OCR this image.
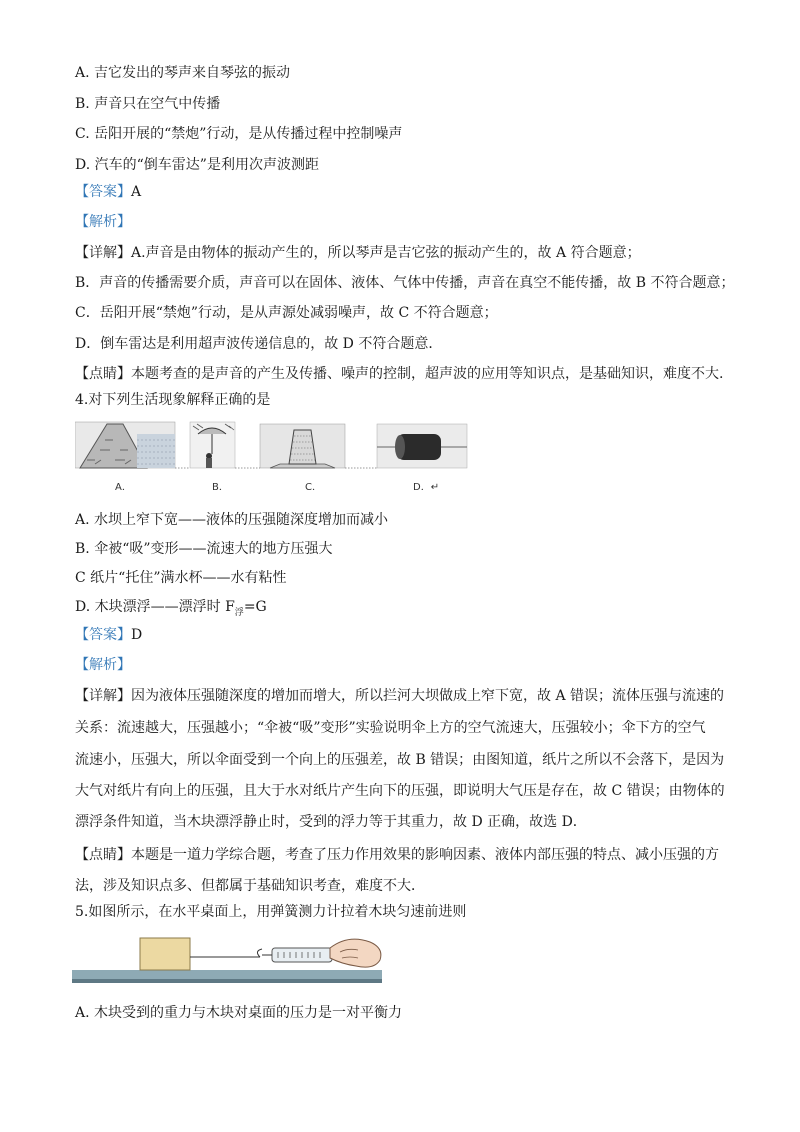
A. 吉它发出的琴声来自琴弦的振动
B. 声音只在空气中传播
C. 岳阳开展的“禁炮”行动，是从传播过程中控制噪声
D. 汽车的“倒车雷达”是利用次声波测距
【答案】A
【解析】
【详解】A.声音是由物体的振动产生的，所以琴声是吉它弦的振动产生的，故 A 符合题意；
B．声音的传播需要介质，声音可以在固体、液体、气体中传播，声音在真空不能传播，故 B 不符合题意；
C．岳阳开展“禁炮”行动，是从声源处减弱噪声，故 C 不符合题意；
D．倒车雷达是利用超声波传递信息的，故 D 不符合题意．
【点睛】本题考查的是声音的产生及传播、噪声的控制，超声波的应用等知识点，是基础知识，难度不大.
4.对下列生活现象解释正确的是
A．	B．	C．	D．↵
A. 水坝上窄下宽——液体的压强随深度增加而减小
B. 伞被“吸”变形——流速大的地方压强大
C 纸片“托住”满水杯——水有粘性
D. 木块漂浮——漂浮时 $F_浮=G$
【答案】D
【解析】
【详解】因为液体压强随深度的增加而增大，所以拦河大坝做成上窄下宽，故 A 错误；流体压强与流速的
关系：流速越大，压强越小；“伞被“吸”变形”实验说明伞上方的空气流速大，压强较小；伞下方的空气
流速小，压强大，所以伞面受到一个向上的压强差，故 B 错误；由图知道，纸片之所以不会落下，是因为
大气对纸片有向上的压强，且大于水对纸片产生向下的压强，即说明大气压是存在，故 C 错误；由物体的
漂浮条件知道，当木块漂浮静止时，受到的浮力等于其重力，故 D 正确，故选 D．
【点睛】本题是一道力学综合题，考查了压力作用效果的影响因素、液体内部压强的特点、减小压强的方
法，涉及知识点多、但都属于基础知识考查，难度不大．
5.如图所示，在水平桌面上，用弹簧测力计拉着木块匀速前进则
A. 木块受到的重力与木块对桌面的压力是一对平衡力
